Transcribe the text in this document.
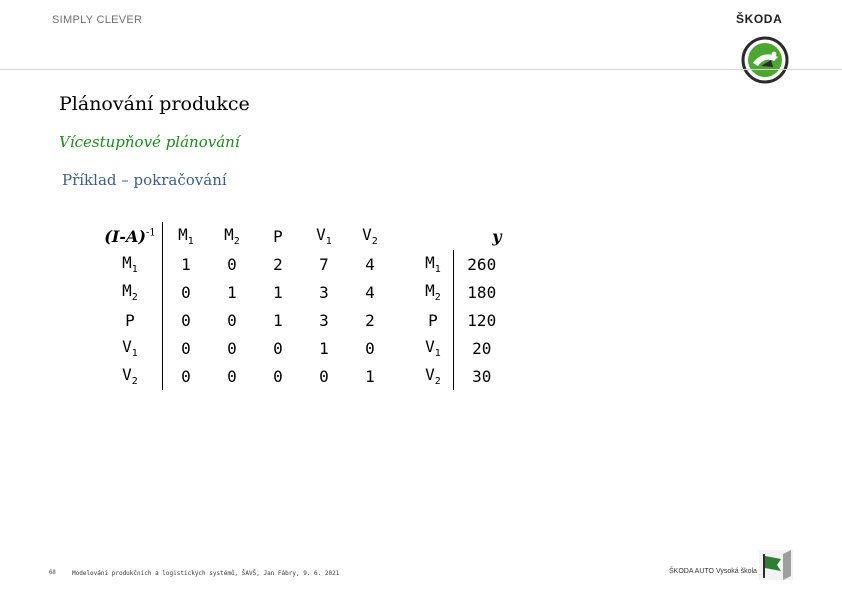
SIMPLY CLEVER	ŠKODA
Plánování produkce
Vícestupňové plánování
Příklad – pokračování
$(I-A)^{-1}$	$M_1$	$M_2$	P	$V_1$	$V_2$
$M_1$	1	0	2	7	4
$M_2$	0	1	1	3	4
P	0	0	1	3	2
$V_1$	0	0	0	1	0
$V_2$	0	0	0	0	1
	y
$M_1$	260
$M_2$	180
P	120
$V_1$	20
$V_2$	30
68	Modelování produkčních a logistických systémů, ŠAVŠ, Jan Fábry, 9. 6. 2021	ŠKODA AUTO Vysoká škola
